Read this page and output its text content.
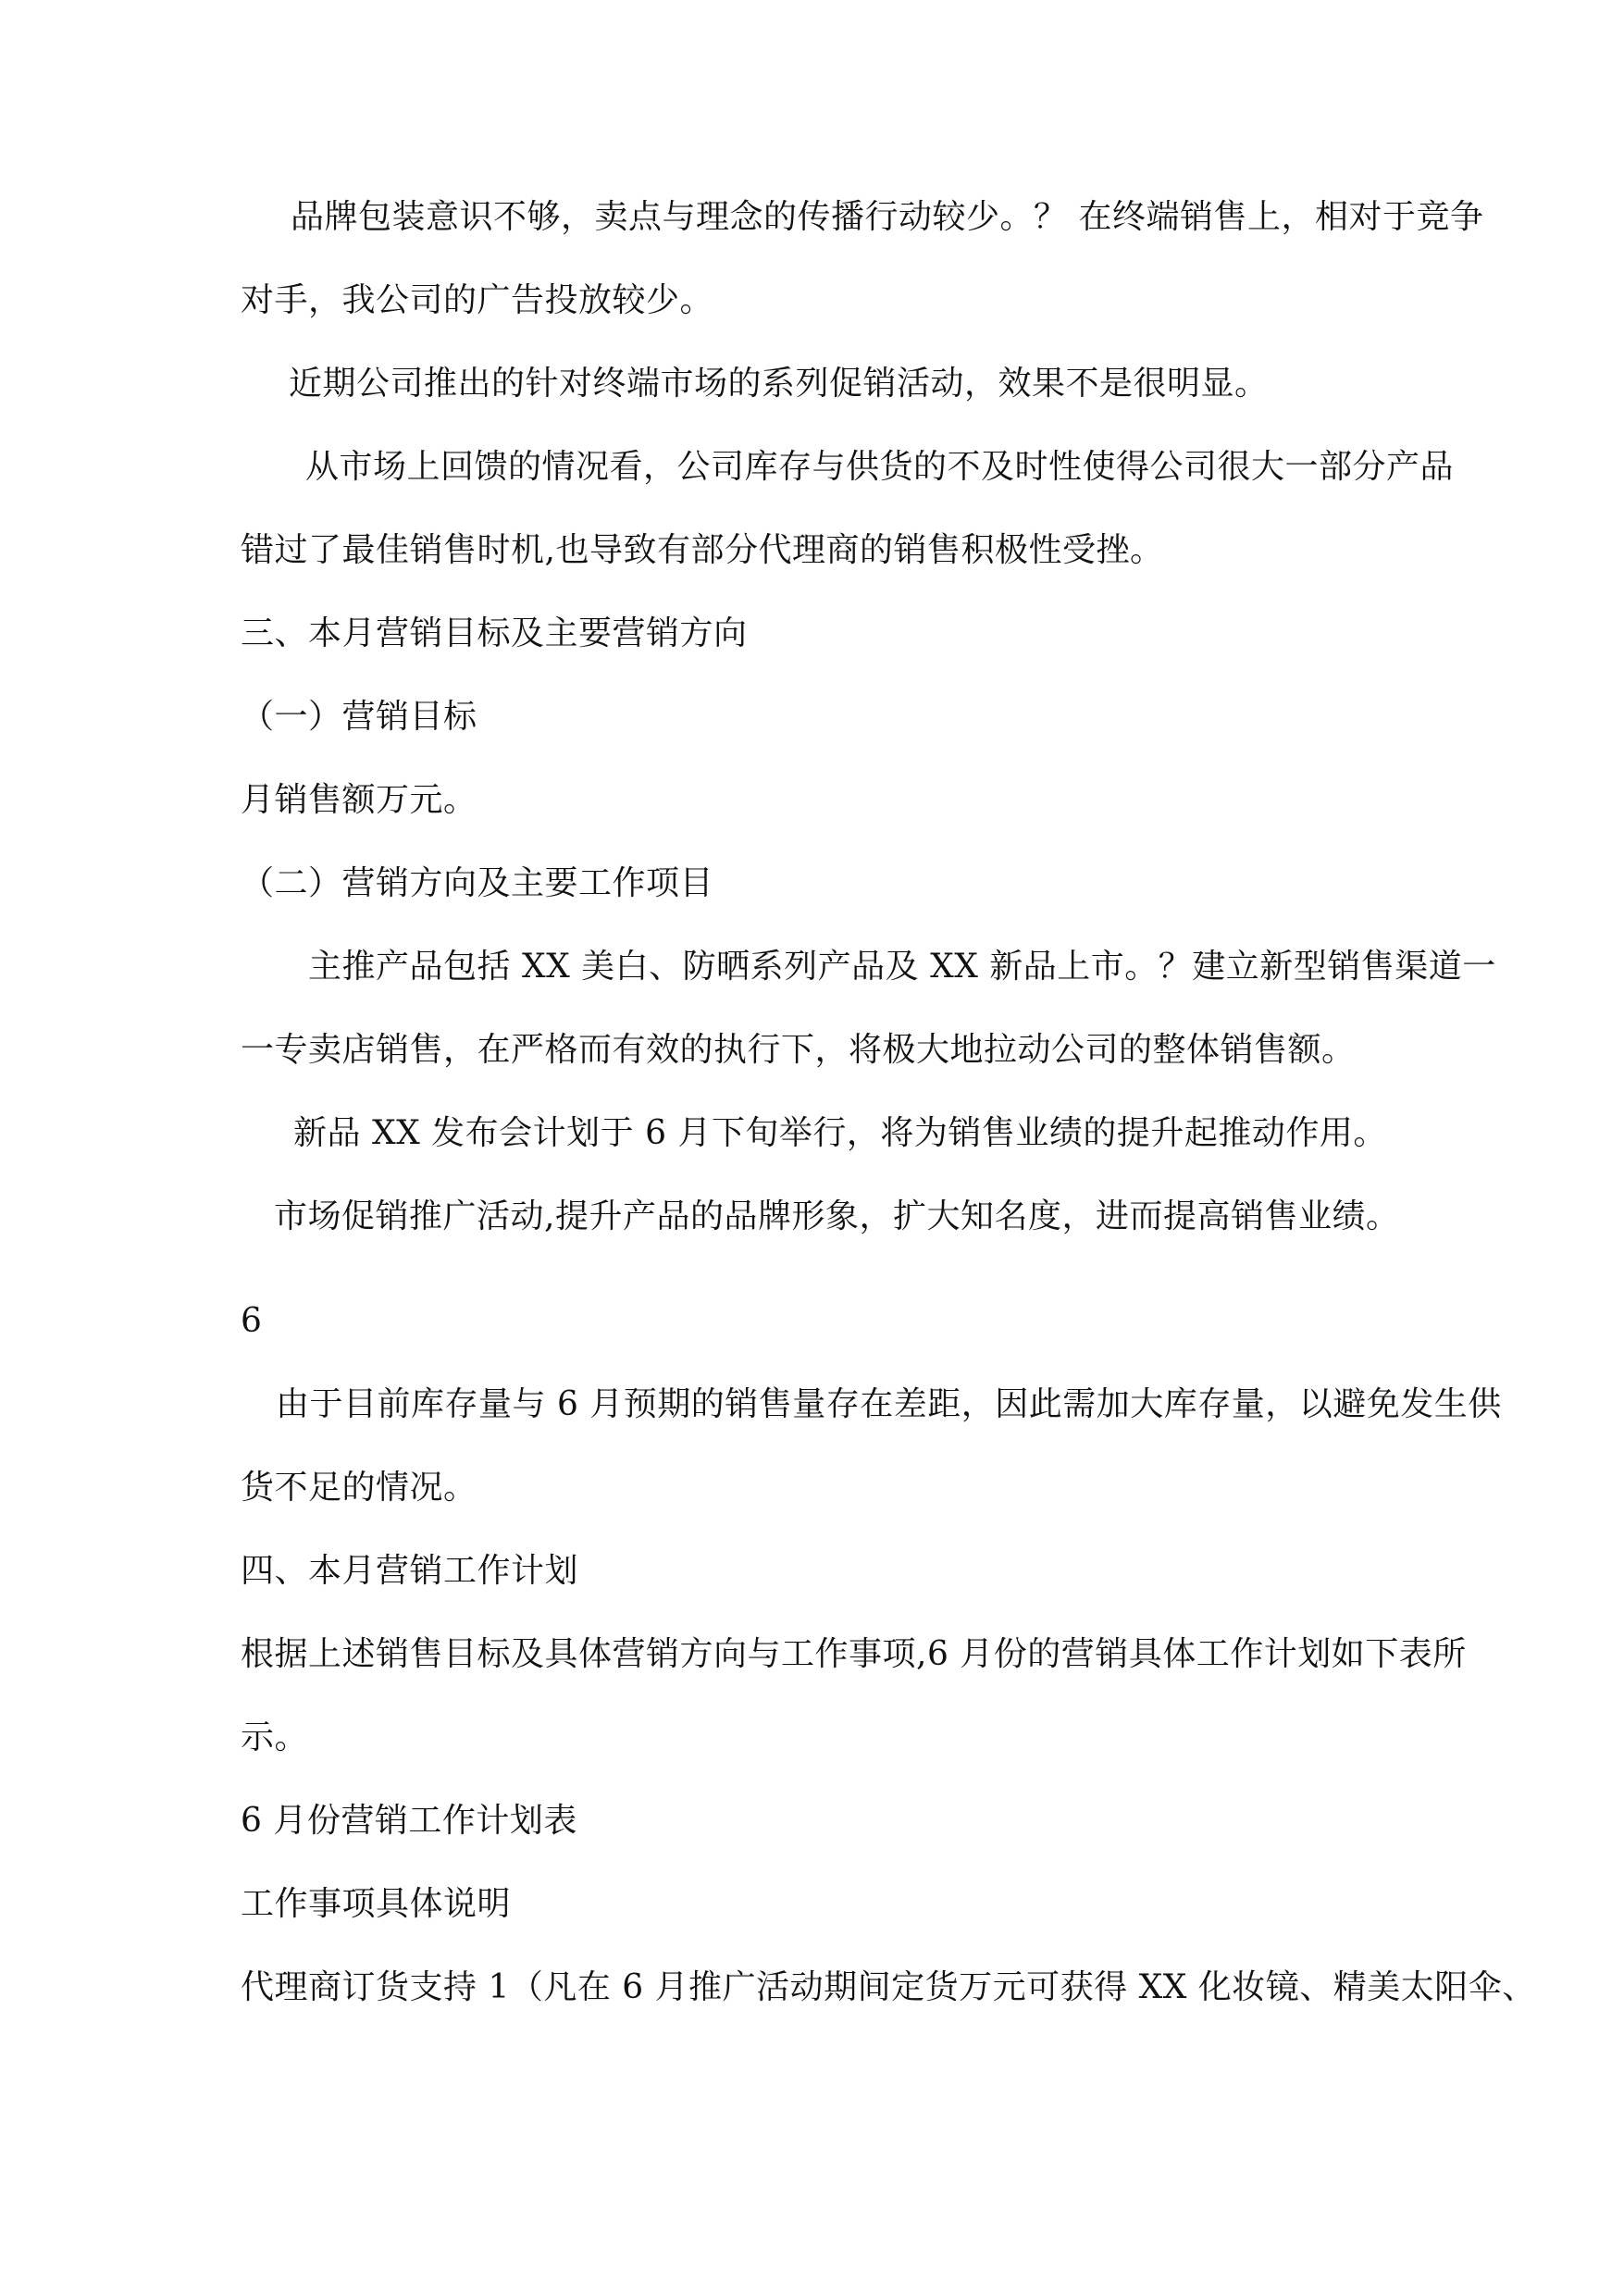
品牌包装意识不够，卖点与理念的传播行动较少。？ 在终端销售上，相对于竞争
对手，我公司的广告投放较少。
近期公司推出的针对终端市场的系列促销活动，效果不是很明显。
从市场上回馈的情况看，公司库存与供货的不及时性使得公司很大一部分产品
错过了最佳销售时机,也导致有部分代理商的销售积极性受挫。
三、本月营销目标及主要营销方向
（一）营销目标
月销售额万元。
（二）营销方向及主要工作项目
主推产品包括 XX 美白、防晒系列产品及 XX 新品上市。？建立新型销售渠道一
一专卖店销售，在严格而有效的执行下，将极大地拉动公司的整体销售额。
新品 XX 发布会计划于 6 月下旬举行，将为销售业绩的提升起推动作用。
市场促销推广活动,提升产品的品牌形象，扩大知名度，进而提高销售业绩。
6
由于目前库存量与 6 月预期的销售量存在差距，因此需加大库存量，以避免发生供
货不足的情况。
四、本月营销工作计划
根据上述销售目标及具体营销方向与工作事项,6 月份的营销具体工作计划如下表所
示。
6 月份营销工作计划表
工作事项具体说明
代理商订货支持 1（凡在 6 月推广活动期间定货万元可获得 XX 化妆镜、精美太阳伞、
